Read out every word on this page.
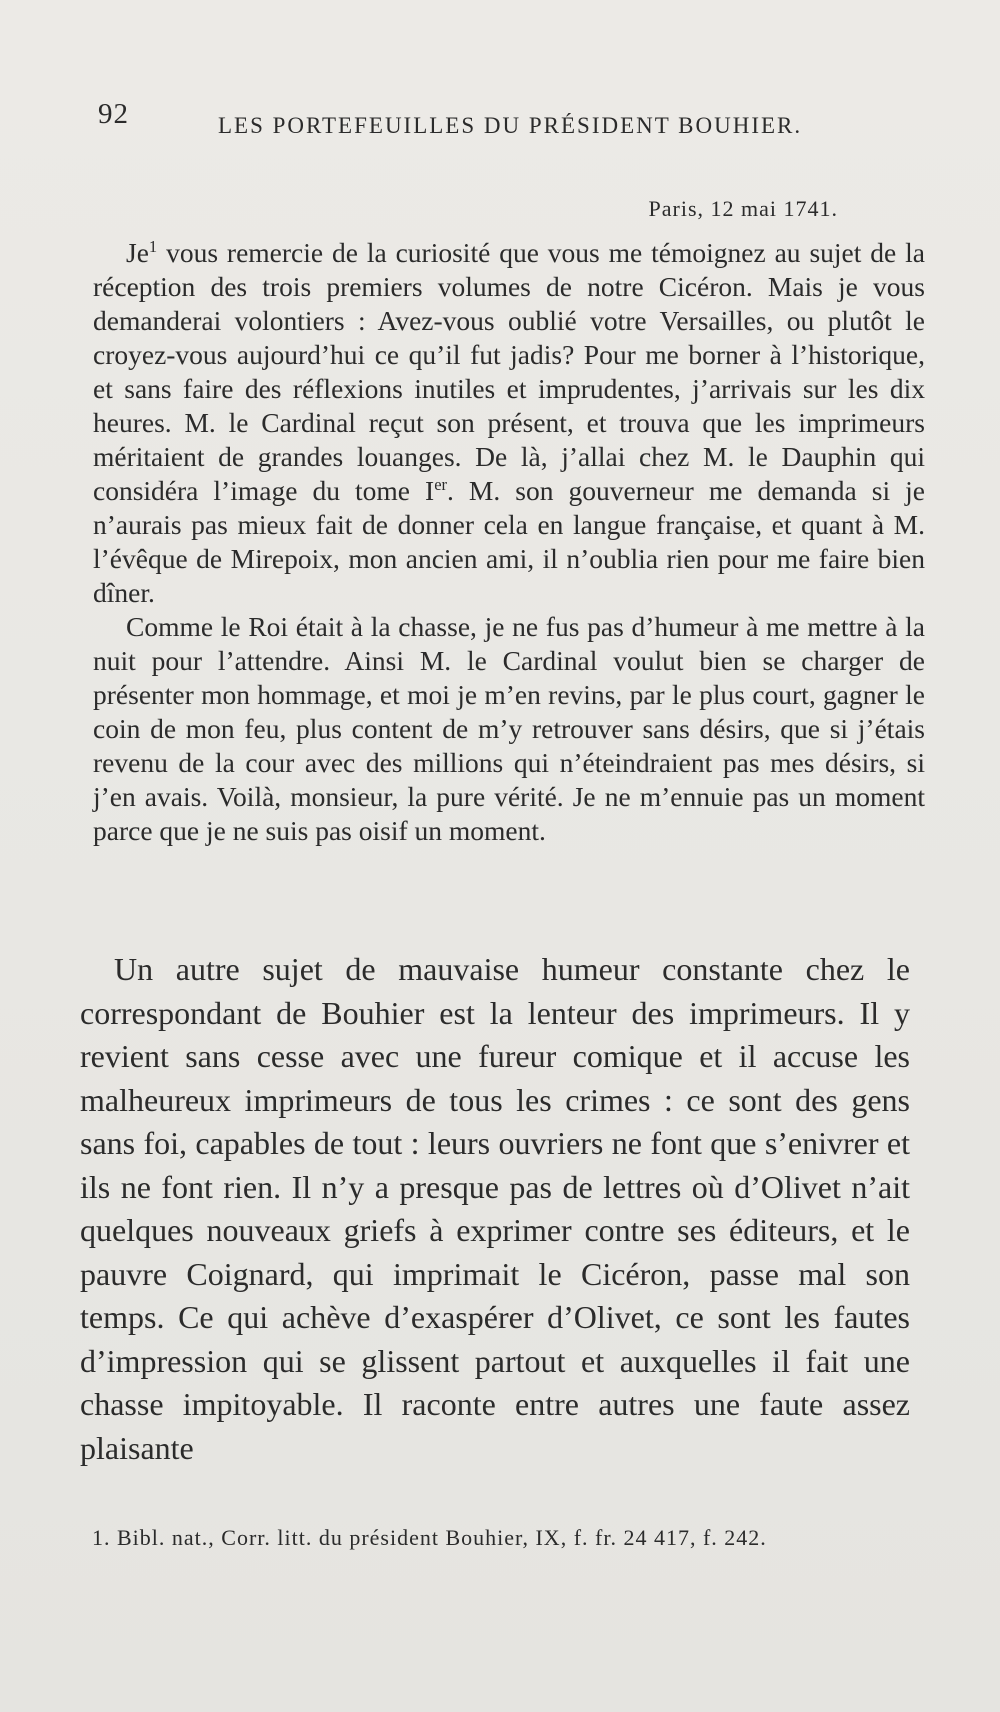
92	LES PORTEFEUILLES DU PRÉSIDENT BOUHIER.
Paris, 12 mai 1741.

Je$^1$ vous remercie de la curiosité que vous me témoignez au sujet de la réception des trois premiers volumes de notre Cicéron. Mais je vous demanderai volontiers : Avez-vous oublié votre Versailles, ou plutôt le croyez-vous aujourd’hui ce qu’il fut jadis? Pour me borner à l’historique, et sans faire des réflexions inutiles et imprudentes, j’arrivais sur les dix heures. M. le Cardinal reçut son présent, et trouva que les imprimeurs méritaient de grandes louanges. De là, j’allai chez M. le Dauphin qui considéra l’image du tome Ier. M. son gouverneur me demanda si je n’aurais pas mieux fait de donner cela en langue française, et quant à M. l’évêque de Mirepoix, mon ancien ami, il n’oublia rien pour me faire bien dîner.

Comme le Roi était à la chasse, je ne fus pas d’humeur à me mettre à la nuit pour l’attendre. Ainsi M. le Cardinal voulut bien se charger de présenter mon hommage, et moi je m’en revins, par le plus court, gagner le coin de mon feu, plus content de m’y retrouver sans désirs, que si j’étais revenu de la cour avec des millions qui n’éteindraient pas mes désirs, si j’en avais. Voilà, monsieur, la pure vérité. Je ne m’ennuie pas un moment parce que je ne suis pas oisif un moment.

Un autre sujet de mauvaise humeur constante chez le correspondant de Bouhier est la lenteur des imprimeurs. Il y revient sans cesse avec une fureur comique et il accuse les malheureux imprimeurs de tous les crimes : ce sont des gens sans foi, capables de tout : leurs ouvriers ne font que s’enivrer et ils ne font rien. Il n’y a presque pas de lettres où d’Olivet n’ait quelques nouveaux griefs à exprimer contre ses éditeurs, et le pauvre Coignard, qui imprimait le Cicéron, passe mal son temps. Ce qui achève d’exaspérer d’Olivet, ce sont les fautes d’impression qui se glissent partout et auxquelles il fait une chasse impitoyable. Il raconte entre autres une faute assez plaisante

1. Bibl. nat., Corr. litt. du président Bouhier, IX, f. fr. 24 417, f. 242.
